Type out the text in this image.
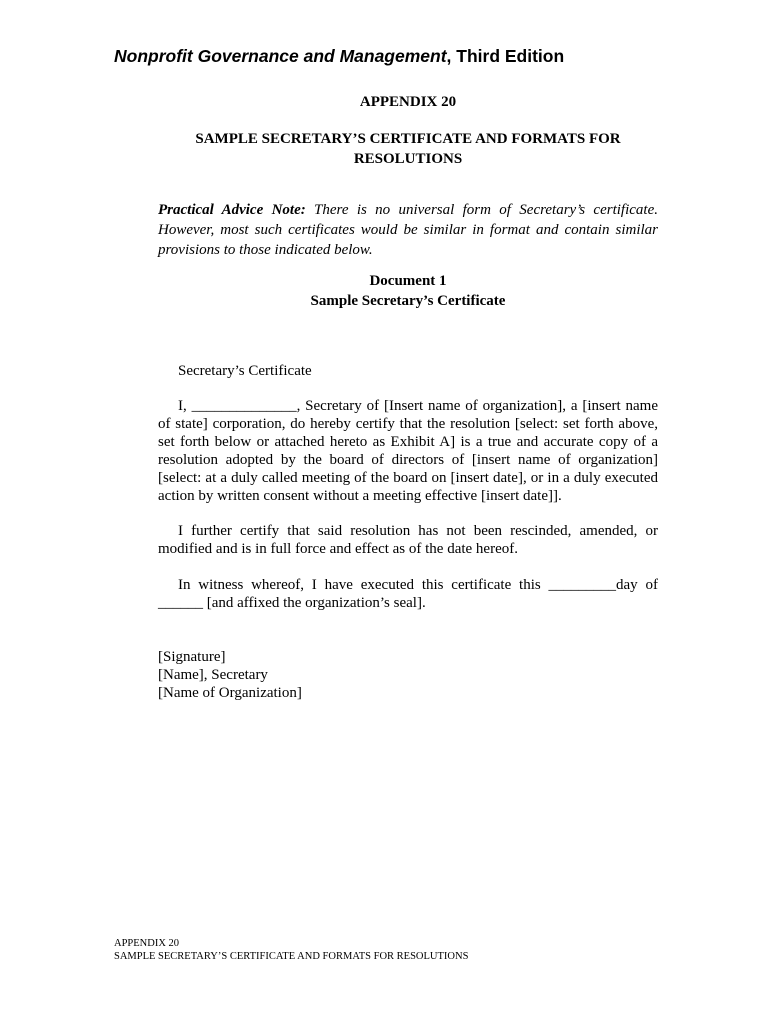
Nonprofit Governance and Management, Third Edition
APPENDIX 20
SAMPLE SECRETARY’S CERTIFICATE AND FORMATS FOR
RESOLUTIONS
Practical Advice Note: There is no universal form of Secretary’s certificate. However, most such certificates would be similar in format and contain similar provisions to those indicated below.
Document 1
Sample Secretary’s Certificate
Secretary’s Certificate
I, ______________, Secretary of [Insert name of organization], a [insert name of state] corporation, do hereby certify that the resolution [select: set forth above, set forth below or attached hereto as Exhibit A] is a true and accurate copy of a resolution adopted by the board of directors of [insert name of organization] [select: at a duly called meeting of the board on [insert date], or in a duly executed action by written consent without a meeting effective [insert date]].
I further certify that said resolution has not been rescinded, amended, or modified and is in full force and effect as of the date hereof.
In witness whereof, I have executed this certificate this _________day of ______ [and affixed the organization’s seal].
[Signature]
[Name], Secretary
[Name of Organization]
APPENDIX 20
SAMPLE SECRETARY’S CERTIFICATE AND FORMATS FOR RESOLUTIONS
